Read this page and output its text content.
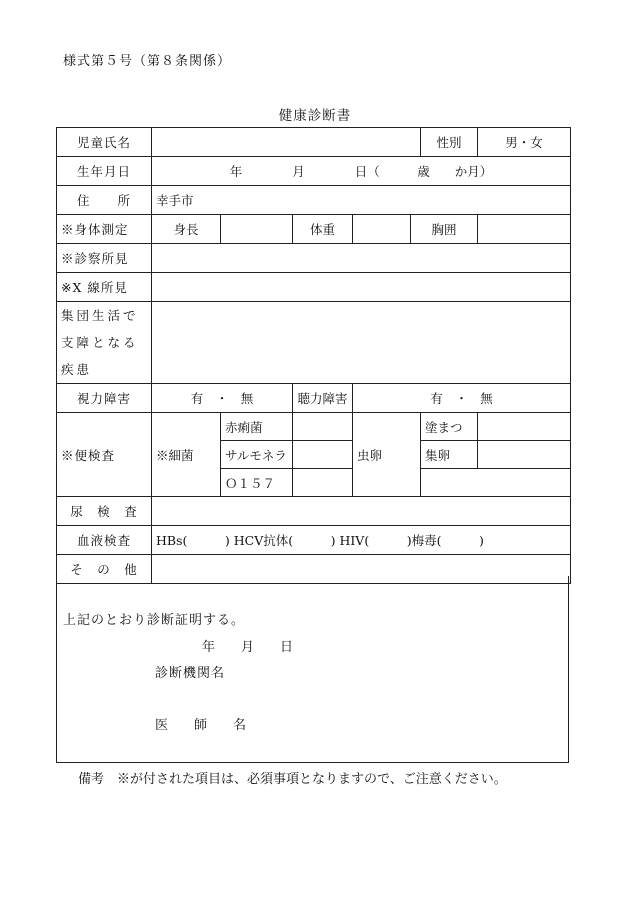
様式第５号（第８条関係）
健康診断書
児童氏名						性別	男・女
生年月日	年　　　　月　　　　日（　　　歳　　か月）						
住　　所	幸手市						
※身体測定	身長		体重		胸囲		
※診察所見							
※X 線所見							

集団生活で
支障となる
疾患							

視力障害	有　・　無		聴力障害	有　・　無			
※便検査	※細菌	赤痢菌		虫卵		塗まつ	
		サルモネラ				集卵	
		Ｏ１５７					
尿　検　査							
血液検査	HBs(　　　) HCV抗体(　　　) HIV(　　　)梅毒(　　　)						
そ　の　他							
上記のとおり診断証明する。
年　　月　　日
診断機関名
医　　師　　名
備考　※が付された項目は、必須事項となりますので、ご注意ください。
